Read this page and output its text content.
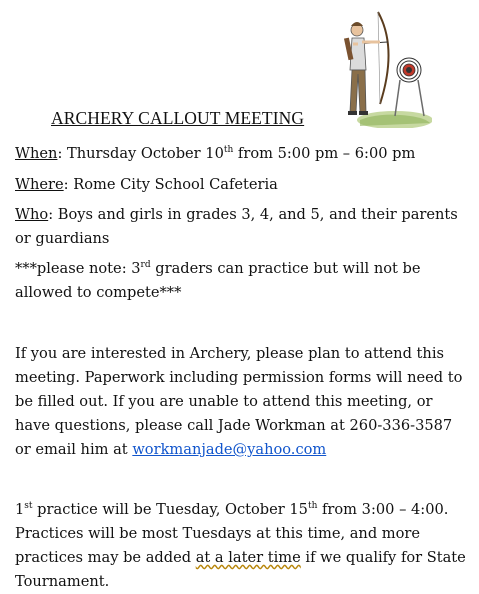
ARCHERY CALLOUT MEETING
When: Thursday October 10th from 5:00 pm – 6:00 pm
Where: Rome City School Cafeteria
Who: Boys and girls in grades 3, 4, and 5, and their parents or guardians
***please note: 3rd graders can practice but will not be allowed to compete***
If you are interested in Archery, please plan to attend this meeting. Paperwork including permission forms will need to be filled out. If you are unable to attend this meeting, or have questions, please call Jade Workman at 260-336-3587 or email him at workmanjade@yahoo.com
1st practice will be Tuesday, October 15th from 3:00 – 4:00. Practices will be most Tuesdays at this time, and more practices may be added at a later time if we qualify for State Tournament.
